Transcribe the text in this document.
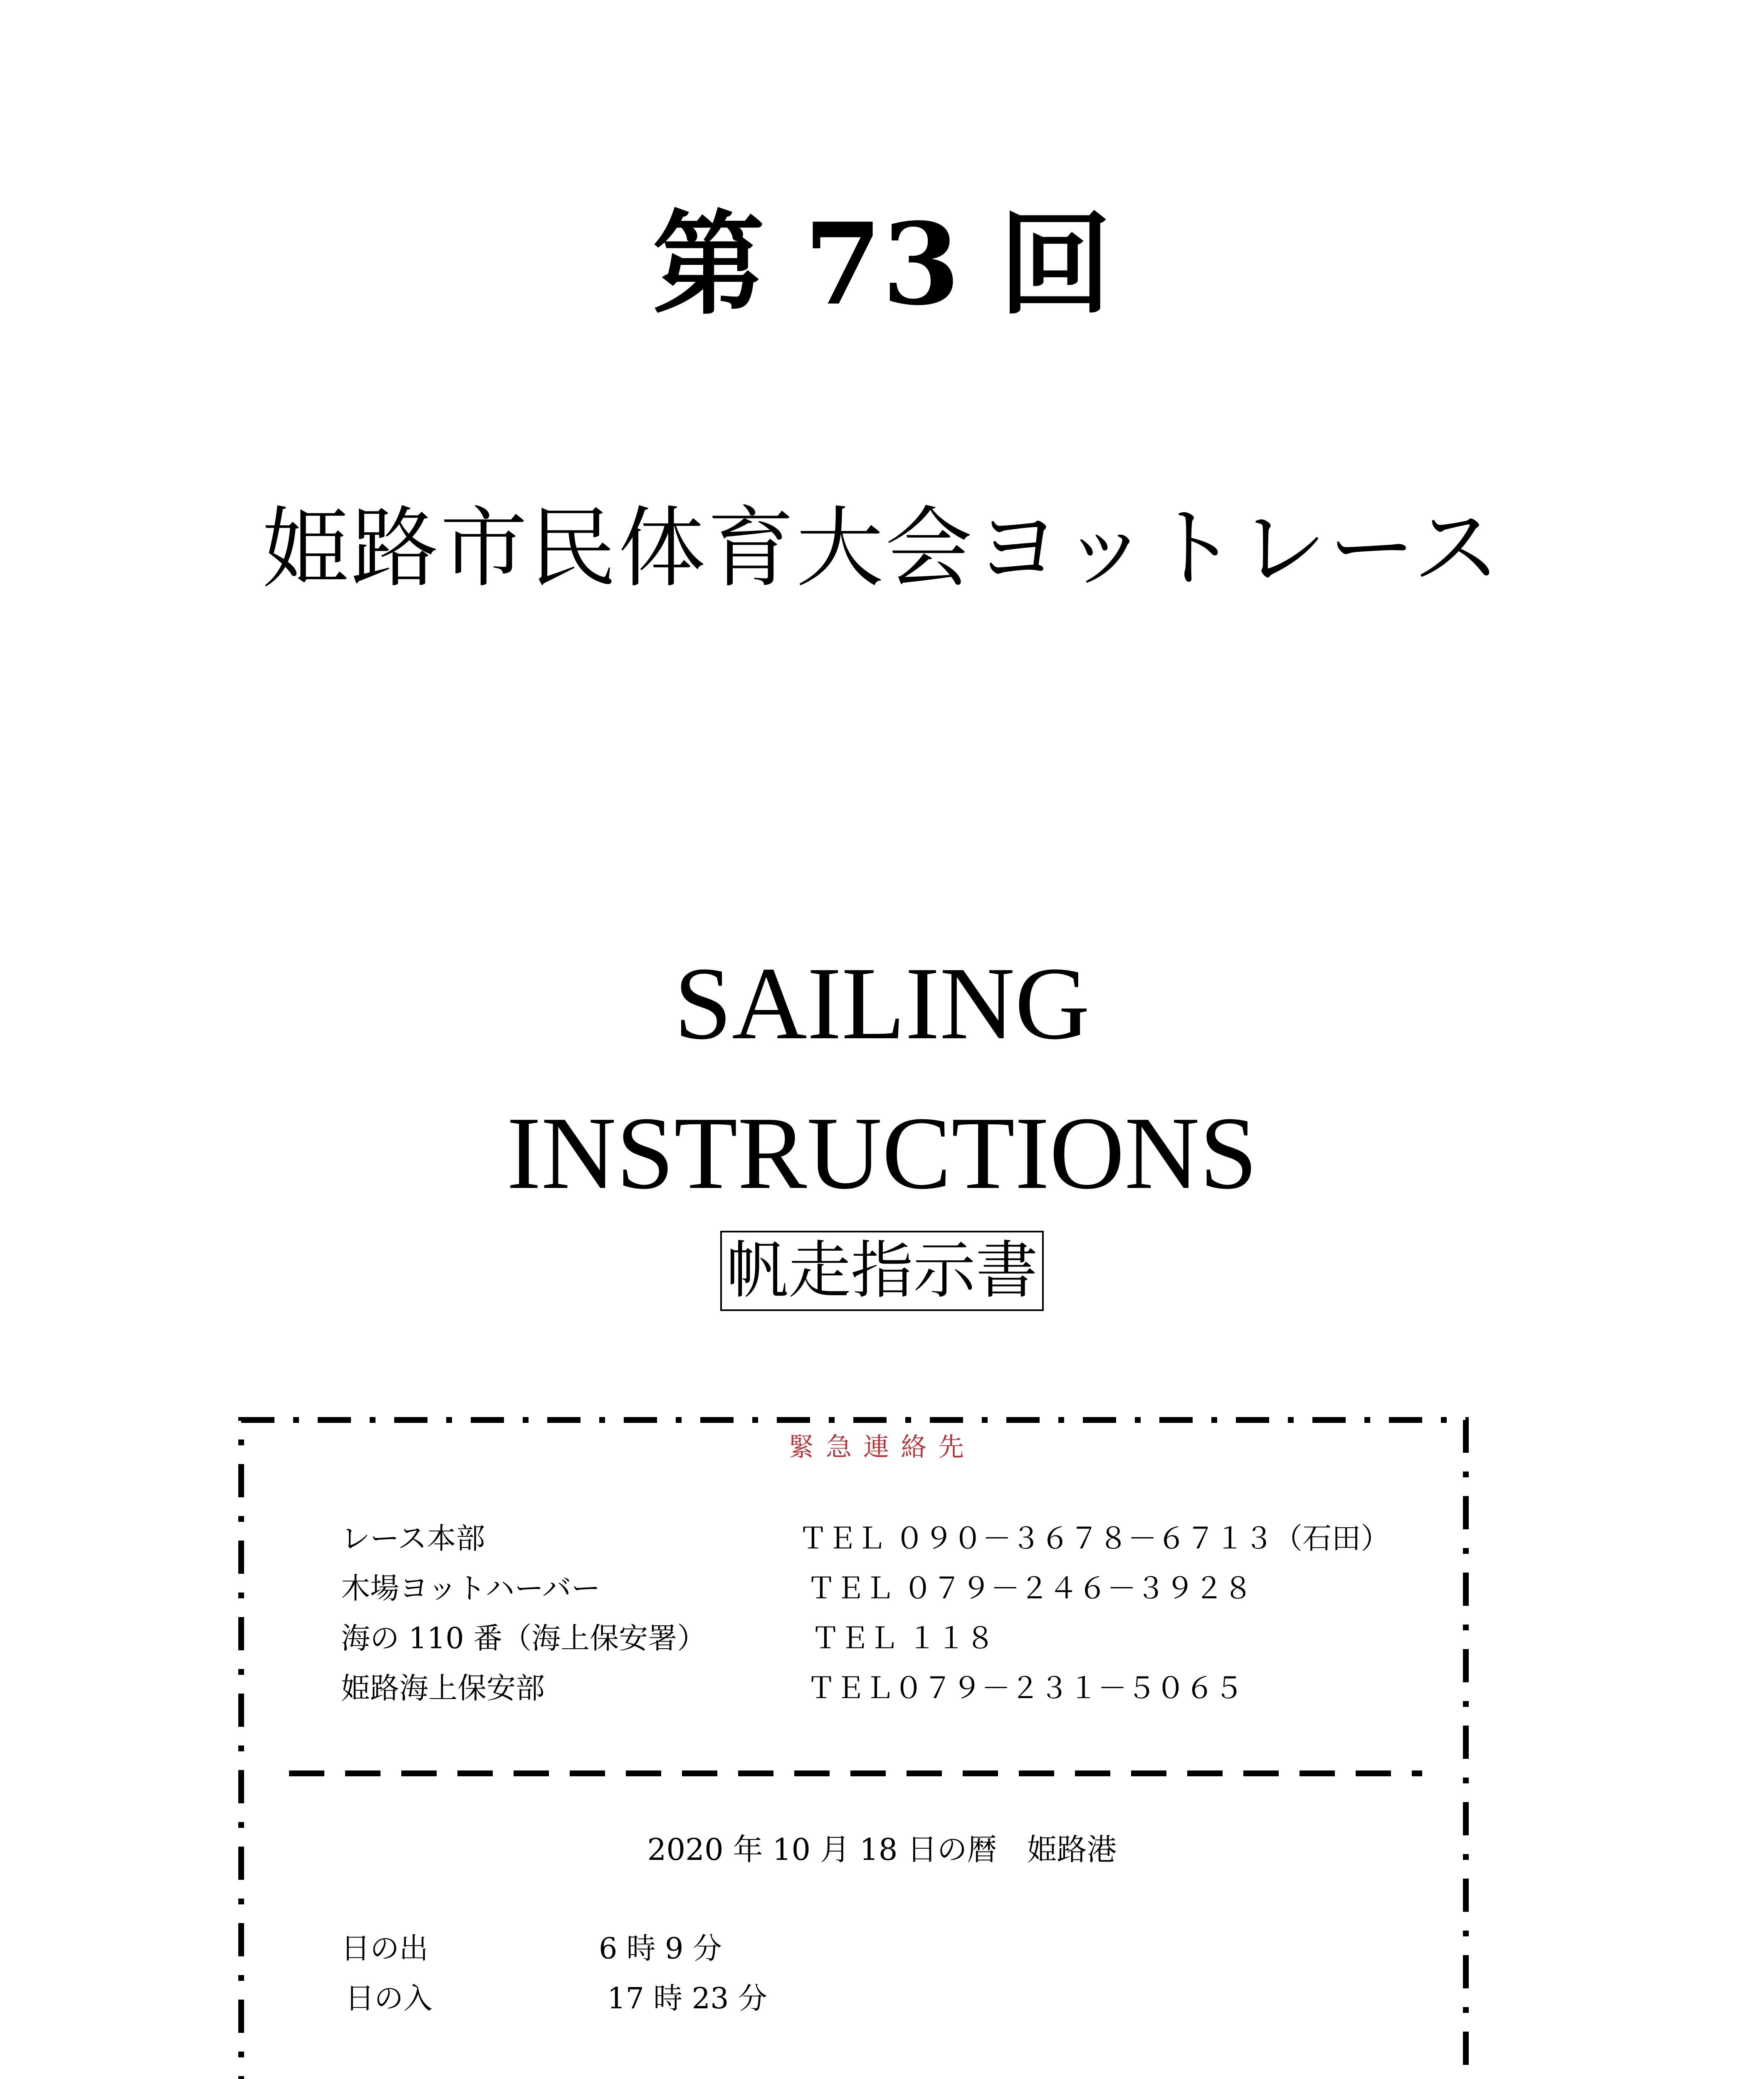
第 73 回
姫路市民体育大会ヨットレース
SAILING
INSTRUCTIONS
帆走指示書
緊急連絡先
レース本部	ＴＥＬ ０９０－３６７８－６７１３（石田）
木場ヨットハーバー	ＴＥＬ ０７９－２４６－３９２８
海の 110 番（海上保安署）	ＴＥＬ １１８
姫路海上保安部	ＴＥＬ０７９－２３１－５０６５
2020 年 10 月 18 日の暦　姫路港
日の出	6 時 9 分
日の入	17 時 23 分
